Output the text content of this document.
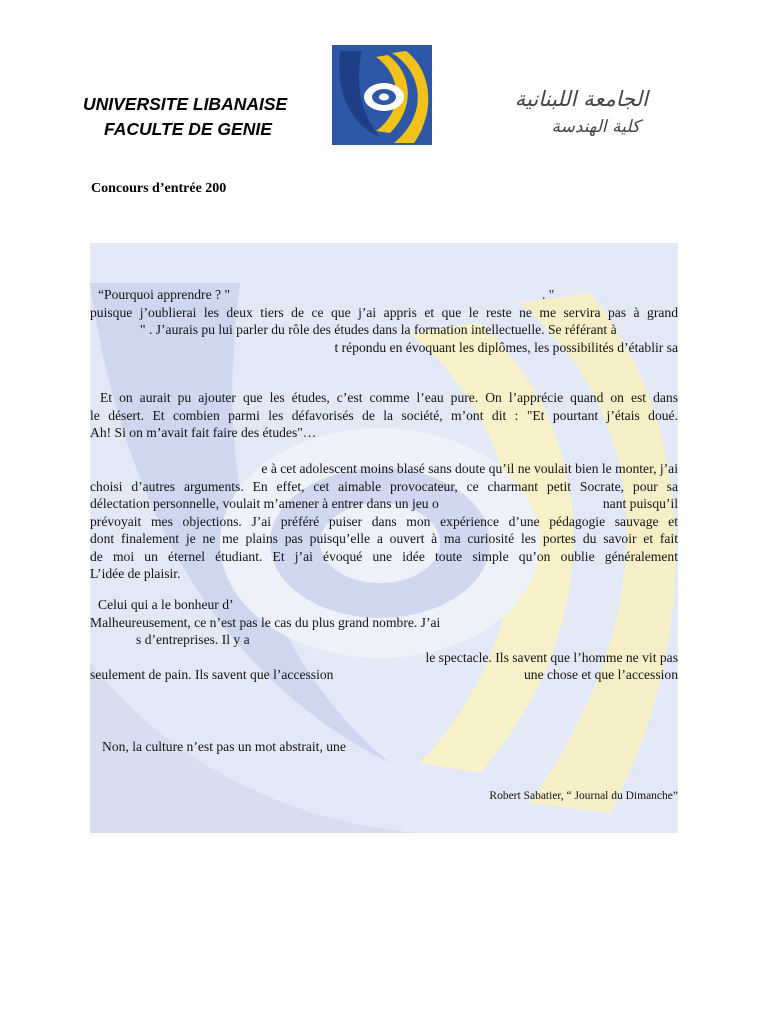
UNIVERSITE LIBANAISE
FACULTE DE GENIE
الجامعة اللبنانية
كلية الهندسة
Concours d’entrée 200
“Pourquoi apprendre ? "	. "
puisque j’oublierai les deux tiers de ce que j’ai appris et que le reste ne me servira pas à grand
" . J’aurais pu lui parler du rôle des études dans la formation intellectuelle. Se référant à
t répondu en évoquant les diplômes, les possibilités d’établir sa
Et on aurait pu ajouter que les études, c’est comme l’eau pure. On l’apprécie quand on est dans
le désert. Et combien parmi les défavorisés de la société, m’ont dit : "Et pourtant j’étais doué.
Ah! Si on m’avait fait faire des études"…
e à cet adolescent moins blasé sans doute qu’il ne voulait bien le monter, j’ai
choisi d’autres arguments. En effet, cet aimable provocateur, ce charmant petit Socrate, pour sa
délectation personnelle, voulait m’amener à entrer dans un jeu o	nant puisqu’il
prévoyait mes objections. J’ai préféré puiser dans mon expérience d’une pédagogie sauvage et
dont finalement je ne me plains pas puisqu’elle a ouvert à ma curiosité les portes du savoir et fait
de moi un éternel étudiant. Et j’ai évoqué une idée toute simple qu’on oublie généralement
L’idée de plaisir.
Celui qui a le bonheur d’
Malheureusement, ce n’est pas le cas du plus grand nombre. J’ai
s d’entreprises. Il y a
le spectacle. Ils savent que l’homme ne vit pas
seulement de pain. Ils savent que l’accession	une chose et que l’accession
Non, la culture n’est pas un mot abstrait, une
Robert Sabatier, “ Journal du Dimanche”
